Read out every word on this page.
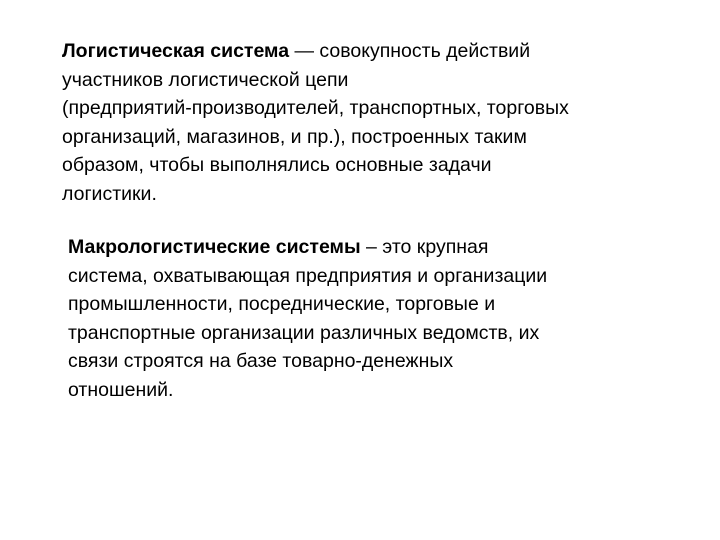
Логистическая система — совокупность действий
участников логистической цепи
(предприятий-производителей, транспортных, торговых
организаций, магазинов, и пр.), построенных таким
образом, чтобы выполнялись основные задачи
логистики.

Макрологистические системы – это крупная
система, охватывающая предприятия и организации
промышленности, посреднические, торговые и
транспортные организации различных ведомств, их
связи строятся на базе товарно-денежных
отношений.
